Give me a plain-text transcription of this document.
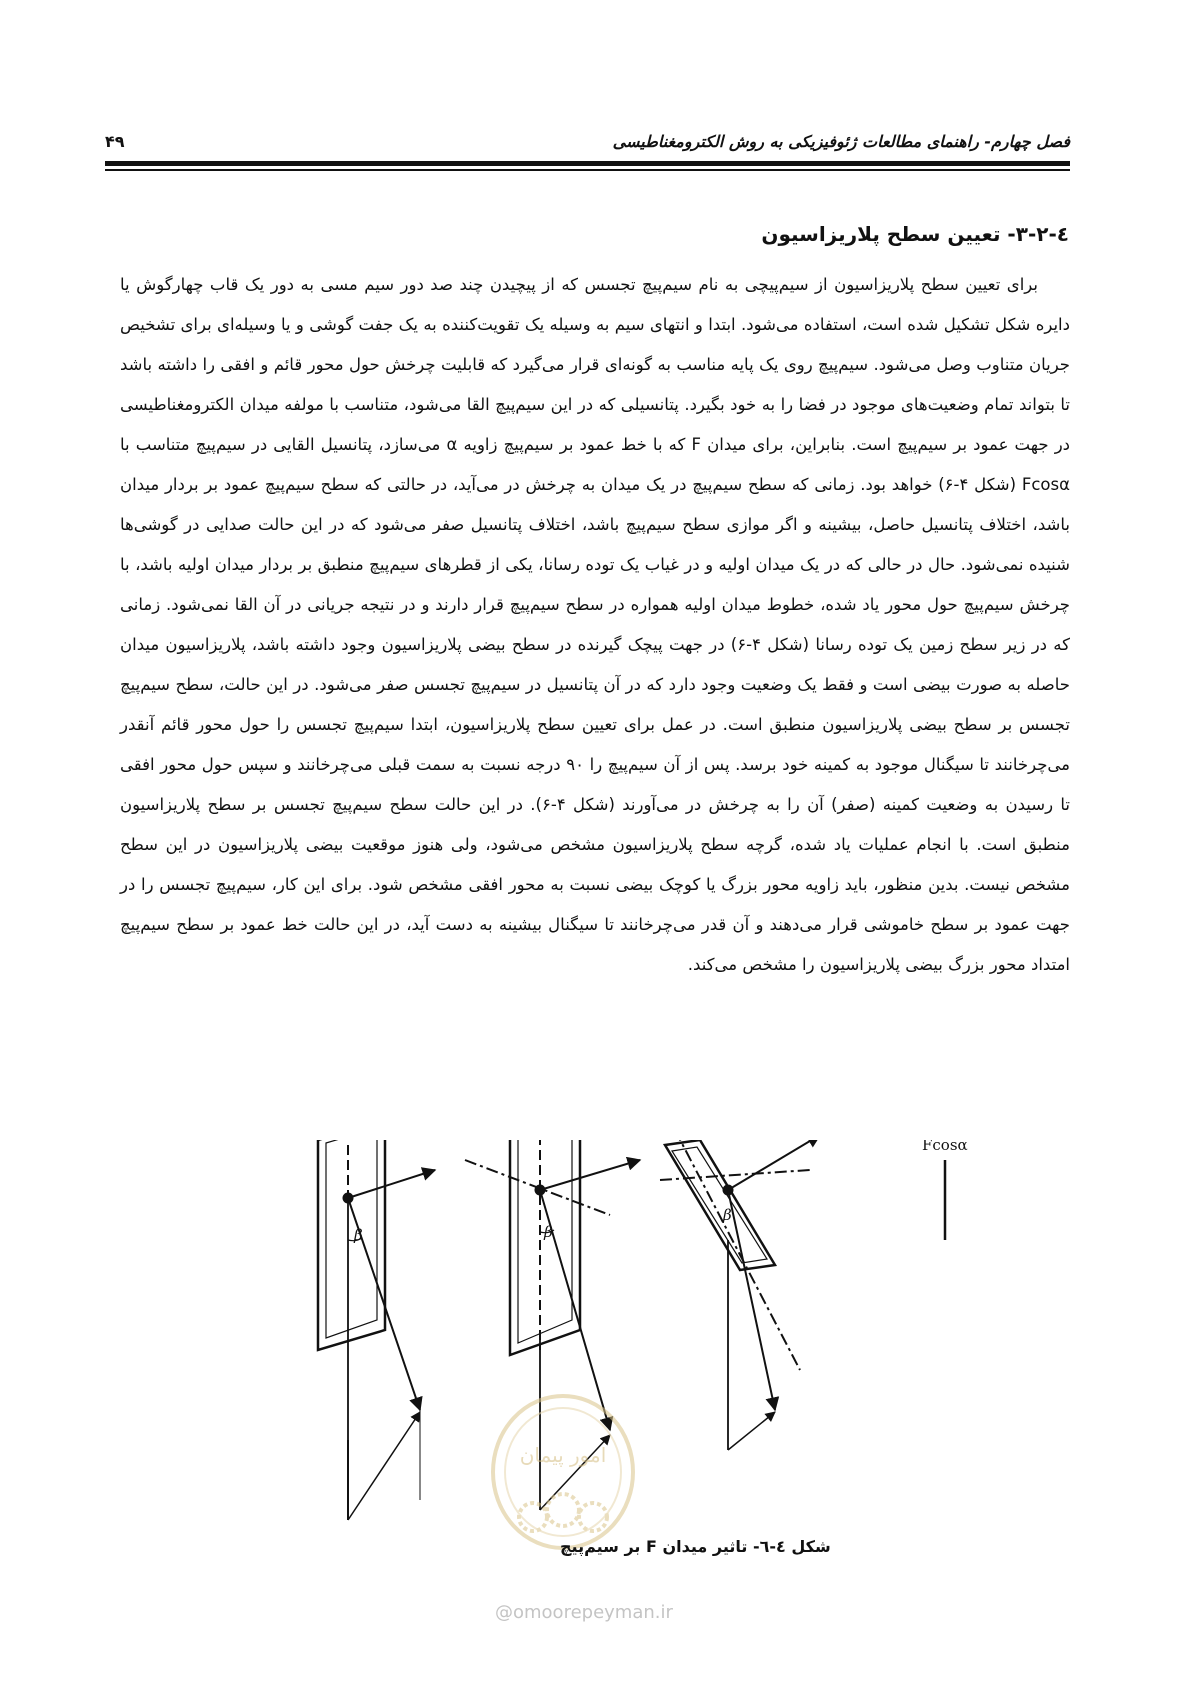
فصل چهارم- راهنمای مطالعات ژئوفیزیکی به روش الکترومغناطیسی
۴۹
٤-٢-٣- تعیین سطح پلاریزاسیون

برای تعیین سطح پلاریزاسیون از سیم‌پیچی به نام سیم‌پیچ تجسس که از پیچیدن چند صد دور سیم مسی به دور یک قاب چهارگوش یا دایره شکل تشکیل شده است، استفاده می‌شود. ابتدا و انتهای سیم به وسیله یک تقویت‌کننده به یک جفت گوشی و یا وسیله‌ای برای تشخیص جریان متناوب وصل می‌شود. سیم‌پیچ روی یک پایه مناسب به گونه‌ای قرار می‌گیرد که قابلیت چرخش حول محور قائم و افقی را داشته باشد تا بتواند تمام وضعیت‌های موجود در فضا را به خود بگیرد. پتانسیلی که در این سیم‌پیچ القا می‌شود، متناسب با مولفه میدان الکترومغناطیسی در جهت عمود بر سیم‌پیچ است. بنابراین، برای میدان F که با خط عمود بر سیم‌پیچ زاویه α می‌سازد، پتانسیل القایی در سیم‌پیچ متناسب با Fcosα (شکل ۴-۶) خواهد بود. زمانی که سطح سیم‌پیچ در یک میدان به چرخش در می‌آید، در حالتی که سطح سیم‌پیچ عمود بر بردار میدان باشد، اختلاف پتانسیل حاصل، بیشینه و اگر موازی سطح سیم‌پیچ باشد، اختلاف پتانسیل صفر می‌شود که در این حالت صدایی در گوشی‌ها شنیده نمی‌شود. حال در حالی که در یک میدان اولیه و در غیاب یک توده رسانا، یکی از قطرهای سیم‌پیچ منطبق بر بردار میدان اولیه باشد، با چرخش سیم‌پیچ حول محور یاد شده، خطوط میدان اولیه همواره در سطح سیم‌پیچ قرار دارند و در نتیجه جریانی در آن القا نمی‌شود. زمانی که در زیر سطح زمین یک توده رسانا (شکل ۴-۶) در جهت پیچک گیرنده در سطح بیضی پلاریزاسیون وجود داشته باشد، پلاریزاسیون میدان حاصله به صورت بیضی است و فقط یک وضعیت وجود دارد که در آن پتانسیل در سیم‌پیچ تجسس صفر می‌شود. در این حالت، سطح سیم‌پیچ تجسس بر سطح بیضی پلاریزاسیون منطبق است. در عمل برای تعیین سطح پلاریزاسیون، ابتدا سیم‌پیچ تجسس را حول محور قائم آنقدر می‌چرخانند تا سیگنال موجود به کمینه خود برسد. پس از آن سیم‌پیچ را ۹۰ درجه نسبت به سمت قبلی می‌چرخانند و سپس حول محور افقی تا رسیدن به وضعیت کمینه (صفر) آن را به چرخش در می‌آورند (شکل ۴-۶). در این حالت سطح سیم‌پیچ تجسس بر سطح پلاریزاسیون منطبق است. با انجام عملیات یاد شده، گرچه سطح پلاریزاسیون مشخص می‌شود، ولی هنوز موقعیت بیضی پلاریزاسیون در این سطح مشخص نیست. بدین منظور، باید زاویه محور بزرگ یا کوچک بیضی نسبت به محور افقی مشخص شود. برای این کار، سیم‌پیچ تجسس را در جهت عمود بر سطح خاموشی قرار می‌دهند و آن قدر می‌چرخانند تا سیگنال بیشینه به دست آید، در این حالت خط عمود بر سطح سیم‌پیچ امتداد محور بزرگ بیضی پلاریزاسیون را مشخص می‌کند.

β	β
β
Fcosα
امور پیمان
شکل ٤-٦- تاثیر میدان F بر سیم‌پیچ
@omoorepeyman.ir
